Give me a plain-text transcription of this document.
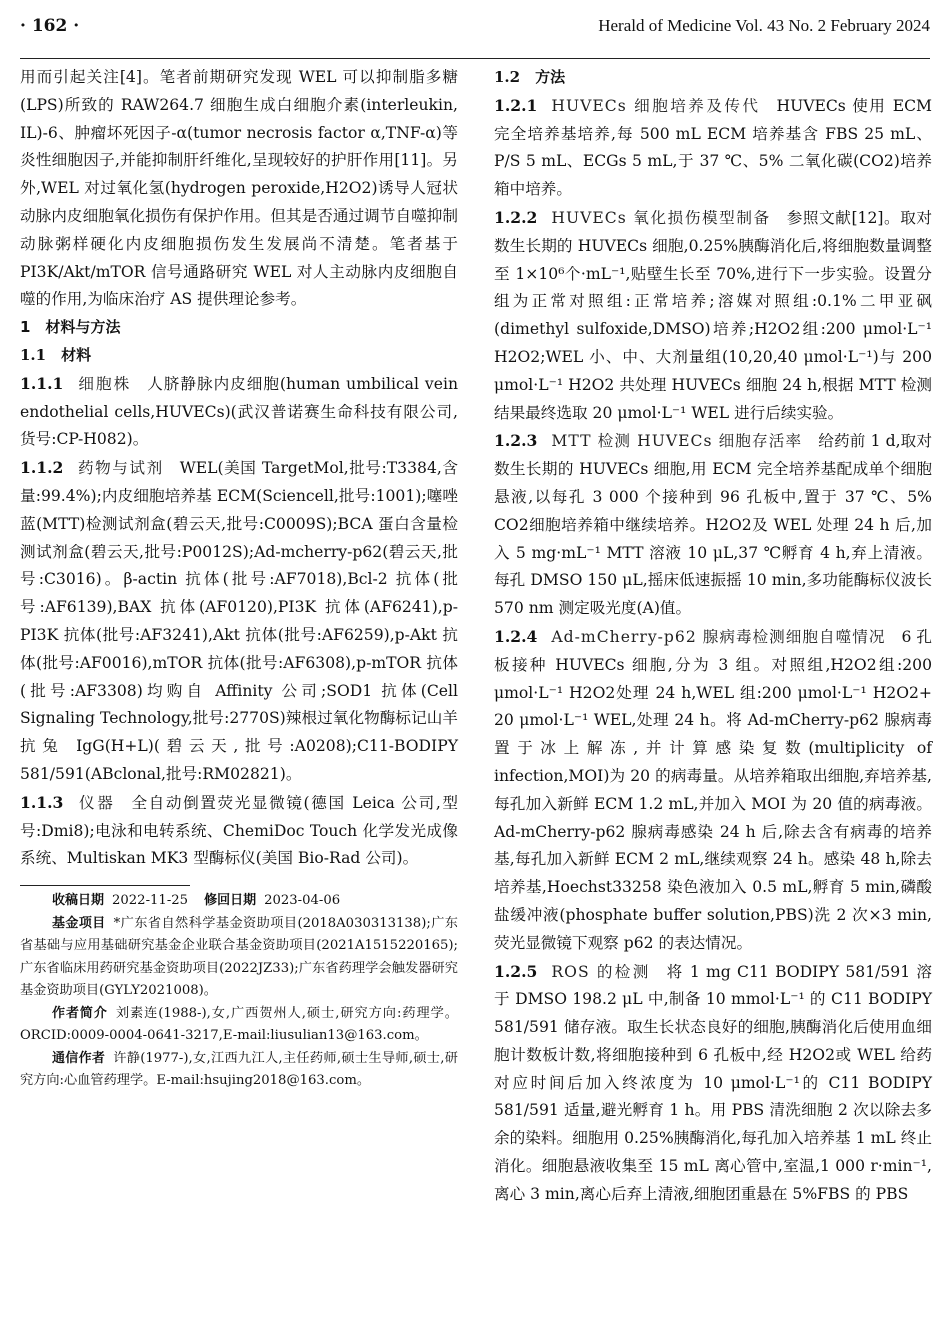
· 162 ·	Herald of Medicine Vol. 43 No. 2 February 2024

用而引起关注[4]。笔者前期研究发现 WEL 可以抑制脂多糖(LPS)所致的 RAW264.7 细胞生成白细胞介素(interleukin, IL)-6、肿瘤坏死因子-α(tumor necrosis factor α,TNF-α)等炎性细胞因子,并能抑制肝纤维化,呈现较好的护肝作用[11]。另外,WEL 对过氧化氢(hydrogen peroxide,H2O2)诱导人冠状动脉内皮细胞氧化损伤有保护作用。但其是否通过调节自噬抑制动脉粥样硬化内皮细胞损伤发生发展尚不清楚。笔者基于 PI3K/Akt/mTOR 信号通路研究 WEL 对人主动脉内皮细胞自噬的作用,为临床治疗 AS 提供理论参考。

1　材料与方法

1.1　材料

1.1.1 细胞株 人脐静脉内皮细胞(human umbilical vein endothelial cells,HUVECs)(武汉普诺赛生命科技有限公司,货号:CP-H082)。

1.1.2 药物与试剂 WEL(美国 TargetMol,批号:T3384,含量:99.4%);内皮细胞培养基 ECM(Sciencell,批号:1001);噻唑蓝(MTT)检测试剂盒(碧云天,批号:C0009S);BCA 蛋白含量检测试剂盒(碧云天,批号:P0012S);Ad-mcherry-p62(碧云天,批号:C3016)。β-actin 抗体(批号:AF7018),Bcl-2 抗体(批号:AF6139),BAX 抗体(AF0120),PI3K 抗体(AF6241),p-PI3K 抗体(批号:AF3241),Akt 抗体(批号:AF6259),p-Akt 抗体(批号:AF0016),mTOR 抗体(批号:AF6308),p-mTOR 抗体(批号:AF3308)均购自 Affinity 公司;SOD1 抗体(Cell Signaling Technology,批号:2770S)辣根过氧化物酶标记山羊抗兔 IgG(H+L)(碧云天,批号:A0208);C11-BODIPY 581/591(ABclonal,批号:RM02821)。

1.1.3 仪器 全自动倒置荧光显微镜(德国 Leica 公司,型号:Dmi8);电泳和电转系统、ChemiDoc Touch 化学发光成像系统、Multiskan MK3 型酶标仪(美国 Bio-Rad 公司)。

收稿日期 2022-11-25 修回日期 2023-04-06

基金项目 *广东省自然科学基金资助项目(2018A030313138);广东省基础与应用基础研究基金企业联合基金资助项目(2021A1515220165);广东省临床用药研究基金资助项目(2022JZ33);广东省药理学会触发器研究基金资助项目(GYLY2021008)。

作者简介 刘素连(1988-),女,广西贺州人,硕士,研究方向:药理学。ORCID:0009-0004-0641-3217,E-mail:liusulian13@163.com。

通信作者 许静(1977-),女,江西九江人,主任药师,硕士生导师,硕士,研究方向:心血管药理学。E-mail:hsujing2018@163.com。

1.2　方法

1.2.1 HUVECs 细胞培养及传代 HUVECs 使用 ECM 完全培养基培养,每 500 mL ECM 培养基含 FBS 25 mL、P/S 5 mL、ECGs 5 mL,于 37 ℃、5% 二氧化碳(CO2)培养箱中培养。

1.2.2 HUVECs 氧化损伤模型制备 参照文献[12]。取对数生长期的 HUVECs 细胞,0.25%胰酶消化后,将细胞数量调整至 1×10⁶个·mL⁻¹,贴壁生长至 70%,进行下一步实验。设置分组为正常对照组:正常培养;溶媒对照组:0.1%二甲亚砜(dimethyl sulfoxide,DMSO)培养;H2O2组:200 μmol·L⁻¹ H2O2;WEL 小、中、大剂量组(10,20,40 μmol·L⁻¹)与 200 μmol·L⁻¹ H2O2 共处理 HUVECs 细胞 24 h,根据 MTT 检测结果最终选取 20 μmol·L⁻¹ WEL 进行后续实验。

1.2.3 MTT 检测 HUVECs 细胞存活率 给药前 1 d,取对数生长期的 HUVECs 细胞,用 ECM 完全培养基配成单个细胞悬液,以每孔 3 000 个接种到 96 孔板中,置于 37 ℃、5% CO2细胞培养箱中继续培养。H2O2及 WEL 处理 24 h 后,加入 5 mg·mL⁻¹ MTT 溶液 10 μL,37 ℃孵育 4 h,弃上清液。每孔 DMSO 150 μL,摇床低速振摇 10 min,多功能酶标仪波长 570 nm 测定吸光度(A)值。

1.2.4 Ad-mCherry-p62 腺病毒检测细胞自噬情况 6 孔板接种 HUVECs 细胞,分为 3 组。对照组,H2O2组:200 μmol·L⁻¹ H2O2处理 24 h,WEL 组:200 μmol·L⁻¹ H2O2+ 20 μmol·L⁻¹ WEL,处理 24 h。将 Ad-mCherry-p62 腺病毒置于冰上解冻,并计算感染复数(multiplicity of infection,MOI)为 20 的病毒量。从培养箱取出细胞,弃培养基,每孔加入新鲜 ECM 1.2 mL,并加入 MOI 为 20 值的病毒液。Ad-mCherry-p62 腺病毒感染 24 h 后,除去含有病毒的培养基,每孔加入新鲜 ECM 2 mL,继续观察 24 h。感染 48 h,除去培养基,Hoechst33258 染色液加入 0.5 mL,孵育 5 min,磷酸盐缓冲液(phosphate buffer solution,PBS)洗 2 次×3 min,荧光显微镜下观察 p62 的表达情况。

1.2.5 ROS 的检测 将 1 mg C11 BODIPY 581/591 溶于 DMSO 198.2 μL 中,制备 10 mmol·L⁻¹ 的 C11 BODIPY 581/591 储存液。取生长状态良好的细胞,胰酶消化后使用血细胞计数板计数,将细胞接种到 6 孔板中,经 H2O2或 WEL 给药对应时间后加入终浓度为 10 μmol·L⁻¹的 C11 BODIPY 581/591 适量,避光孵育 1 h。用 PBS 清洗细胞 2 次以除去多余的染料。细胞用 0.25%胰酶消化,每孔加入培养基 1 mL 终止消化。细胞悬液收集至 15 mL 离心管中,室温,1 000 r·min⁻¹,离心 3 min,离心后弃上清液,细胞团重悬在 5%FBS 的 PBS
